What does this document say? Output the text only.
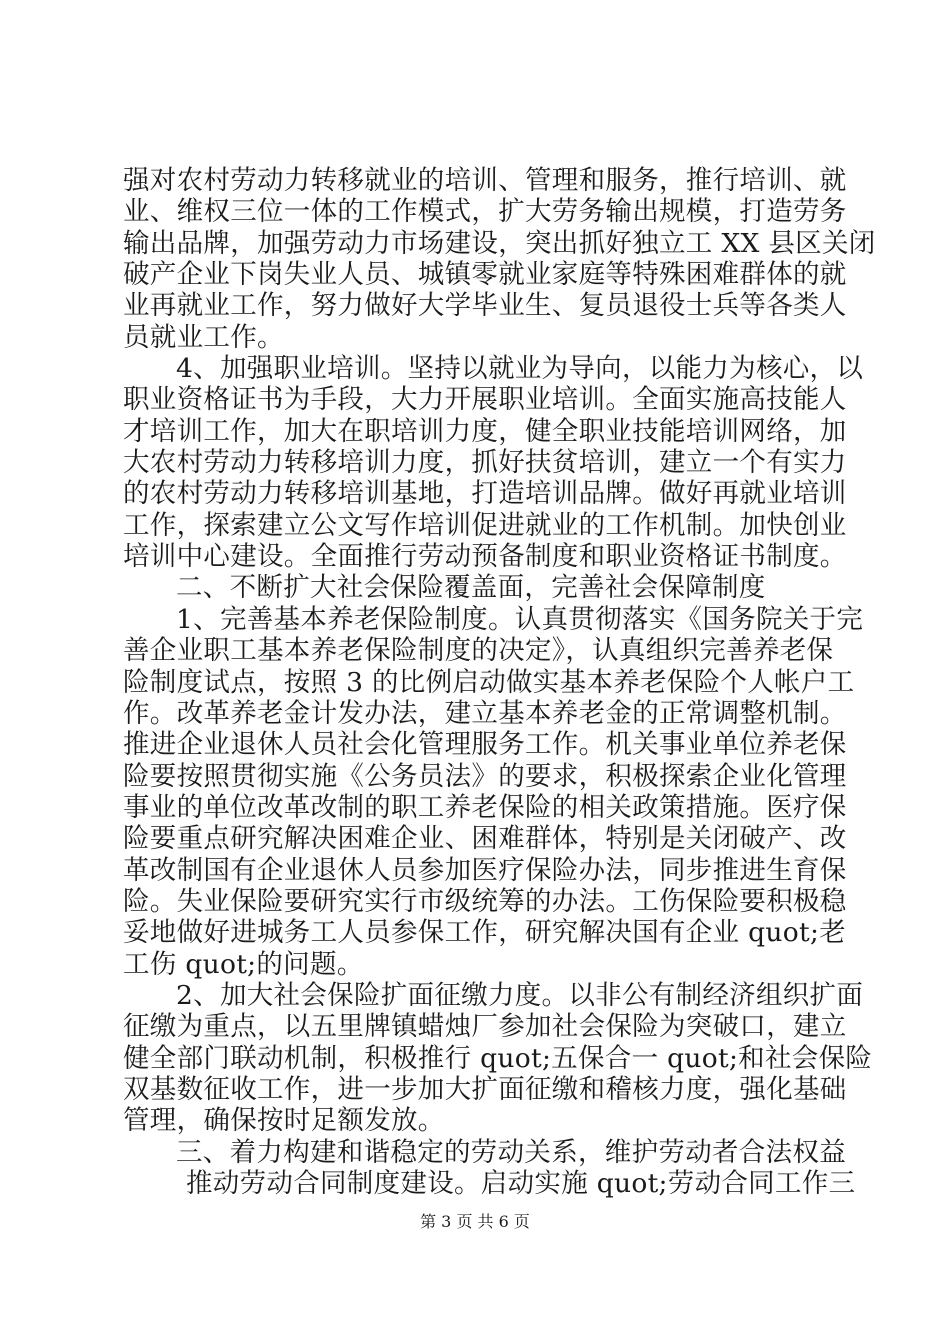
强对农村劳动力转移就业的培训、管理和服务，推行培训、就
业、维权三位一体的工作模式，扩大劳务输出规模，打造劳务
输出品牌，加强劳动力市场建设，突出抓好独立工 XX 县区关闭
破产企业下岗失业人员、城镇零就业家庭等特殊困难群体的就
业再就业工作，努力做好大学毕业生、复员退役士兵等各类人
员就业工作。
4、加强职业培训。坚持以就业为导向，以能力为核心，以
职业资格证书为手段，大力开展职业培训。全面实施高技能人
才培训工作，加大在职培训力度，健全职业技能培训网络，加
大农村劳动力转移培训力度，抓好扶贫培训，建立一个有实力
的农村劳动力转移培训基地，打造培训品牌。做好再就业培训
工作，探索建立公文写作培训促进就业的工作机制。加快创业
培训中心建设。全面推行劳动预备制度和职业资格证书制度。
二、不断扩大社会保险覆盖面，完善社会保障制度
1、完善基本养老保险制度。认真贯彻落实《国务院关于完
善企业职工基本养老保险制度的决定》，认真组织完善养老保
险制度试点，按照 3 的比例启动做实基本养老保险个人帐户工
作。改革养老金计发办法，建立基本养老金的正常调整机制。
推进企业退休人员社会化管理服务工作。机关事业单位养老保
险要按照贯彻实施《公务员法》的要求，积极探索企业化管理
事业的单位改革改制的职工养老保险的相关政策措施。医疗保
险要重点研究解决困难企业、困难群体，特别是关闭破产、改
革改制国有企业退休人员参加医疗保险办法，同步推进生育保
险。失业保险要研究实行市级统筹的办法。工伤保险要积极稳
妥地做好进城务工人员参保工作，研究解决国有企业 quot;老
工伤 quot;的问题。
2、加大社会保险扩面征缴力度。以非公有制经济组织扩面
征缴为重点，以五里牌镇蜡烛厂参加社会保险为突破口，建立
健全部门联动机制，积极推行 quot;五保合一 quot;和社会保险
双基数征收工作，进一步加大扩面征缴和稽核力度，强化基础
管理，确保按时足额发放。
三、着力构建和谐稳定的劳动关系，维护劳动者合法权益
推动劳动合同制度建设。启动实施 quot;劳动合同工作三
第 3 页 共 6 页
